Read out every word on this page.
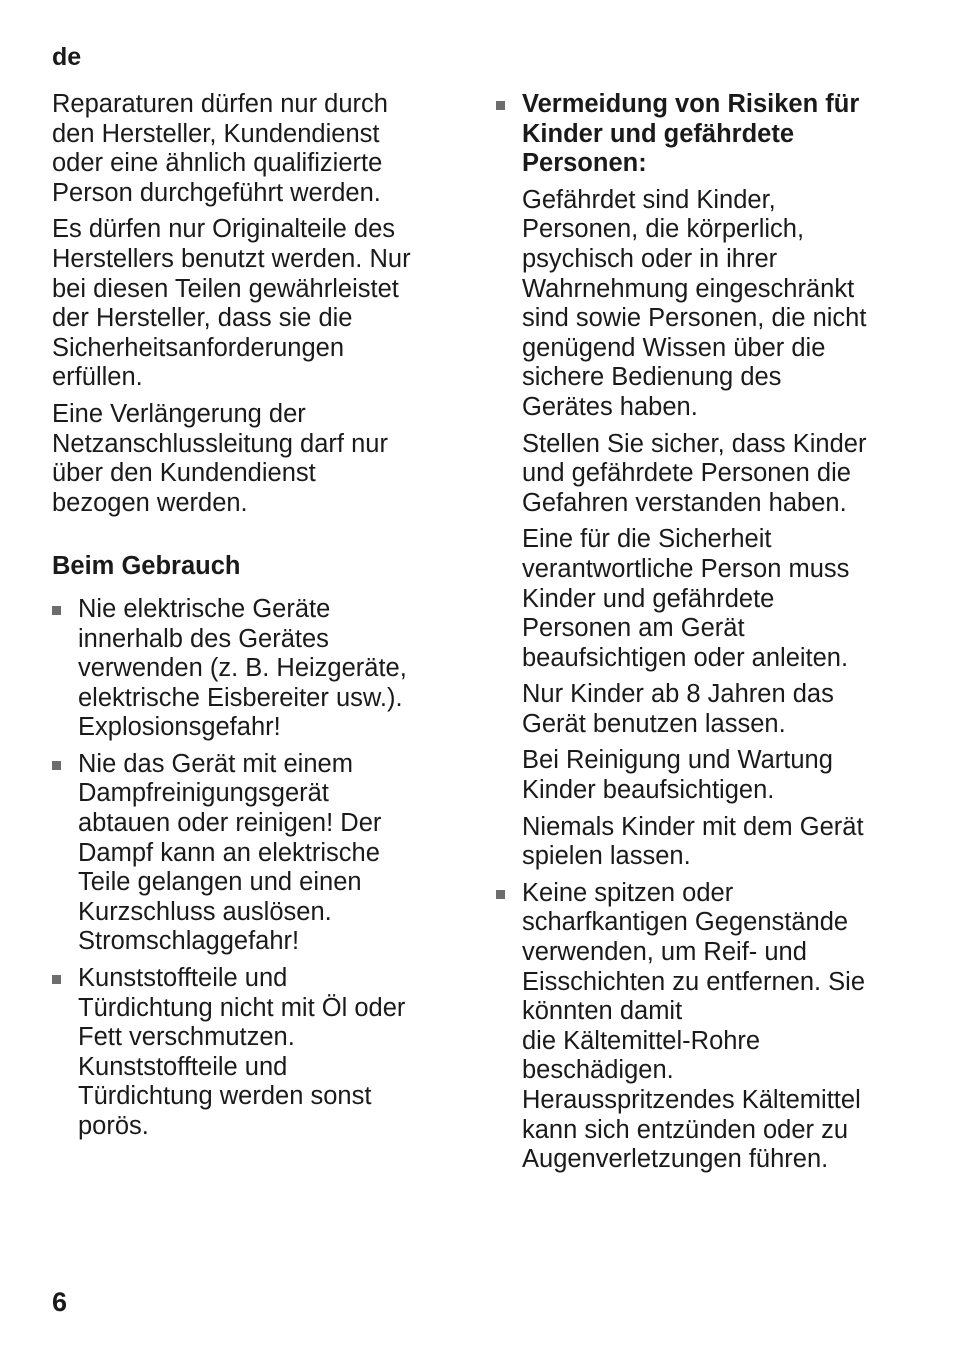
de

Reparaturen dürfen nur durch
den Hersteller, Kundendienst
oder eine ähnlich qualifizierte
Person durchgeführt werden.

Es dürfen nur Originalteile des
Herstellers benutzt werden. Nur
bei diesen Teilen gewährleistet
der Hersteller, dass sie die
Sicherheitsanforderungen
erfüllen.

Eine Verlängerung der
Netzanschlussleitung darf nur
über den Kundendienst
bezogen werden.

Beim Gebrauch
Nie elektrische Geräte
innerhalb des Gerätes
verwenden (z. B. Heizgeräte,
elektrische Eisbereiter usw.).
Explosionsgefahr!
Nie das Gerät mit einem
Dampfreinigungsgerät
abtauen oder reinigen! Der
Dampf kann an elektrische
Teile gelangen und einen
Kurzschluss auslösen.
Stromschlaggefahr!
Kunststoffteile und
Türdichtung nicht mit Öl oder
Fett verschmutzen.
Kunststoffteile und
Türdichtung werden sonst
porös.
Vermeidung von Risiken für
Kinder und gefährdete
Personen:
Gefährdet sind Kinder,
Personen, die körperlich,
psychisch oder in ihrer
Wahrnehmung eingeschränkt
sind sowie Personen, die nicht
genügend Wissen über die
sichere Bedienung des
Gerätes haben.
Stellen Sie sicher, dass Kinder
und gefährdete Personen die
Gefahren verstanden haben.
Eine für die Sicherheit
verantwortliche Person muss
Kinder und gefährdete
Personen am Gerät
beaufsichtigen oder anleiten.
Nur Kinder ab 8 Jahren das
Gerät benutzen lassen.
Bei Reinigung und Wartung
Kinder beaufsichtigen.
Niemals Kinder mit dem Gerät
spielen lassen.
Keine spitzen oder
scharfkantigen Gegenstände
verwenden, um Reif- und
Eisschichten zu entfernen. Sie
könnten damit
die Kältemittel-Rohre
beschädigen.
Herausspritzendes Kältemittel
kann sich entzünden oder zu
Augenverletzungen führen.
6
